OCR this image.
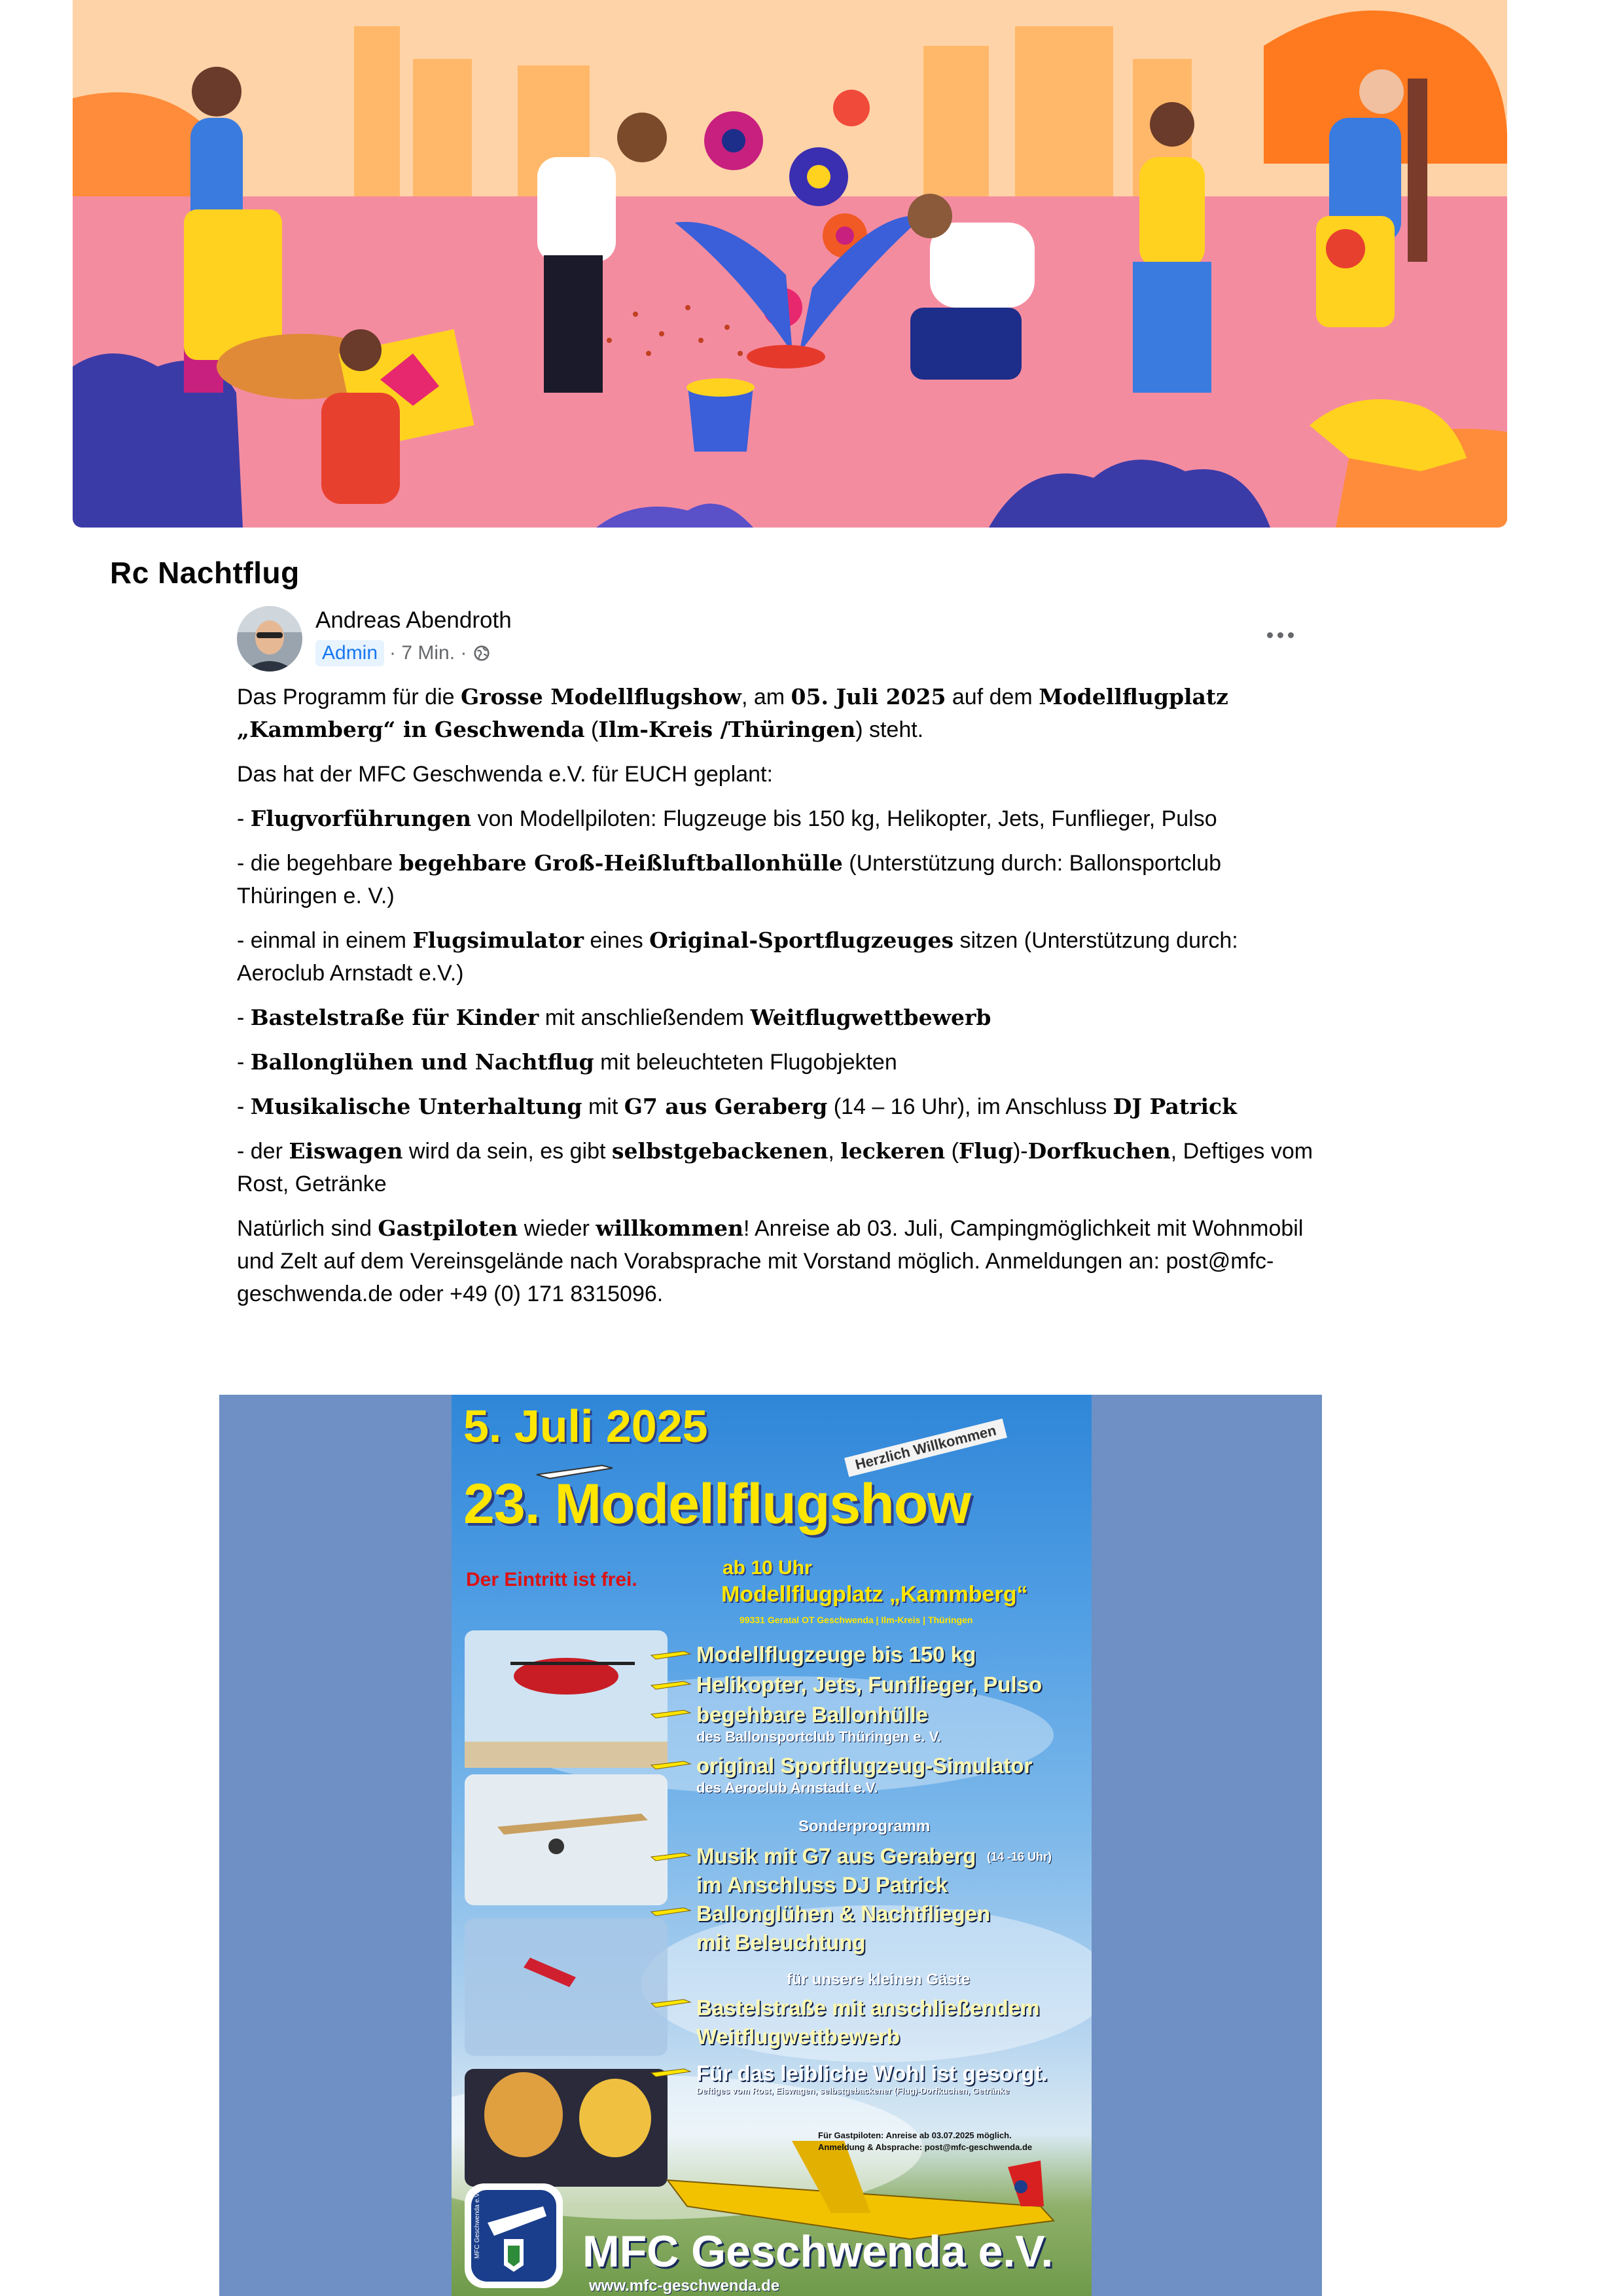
Rc Nachtflug
Andreas Abendroth
Admin · 7 Min. ·

Das Programm für die Grosse Modellflugshow, am 05. Juli 2025 auf dem Modellflugplatz „Kammberg“ in Geschwenda (Ilm-Kreis /Thüringen) steht.

Das hat der MFC Geschwenda e.V. für EUCH geplant:

- Flugvorführungen von Modellpiloten: Flugzeuge bis 150 kg, Helikopter, Jets, Funflieger, Pulso

- die begehbare begehbare Groß-Heißluftballonhülle (Unterstützung durch: Ballonsportclub Thüringen e. V.)

- einmal in einem Flugsimulator eines Original-Sportflugzeuges sitzen (Unterstützung durch: Aeroclub Arnstadt e.V.)

- Bastelstraße für Kinder mit anschließendem Weitflugwettbewerb

- Ballonglühen und Nachtflug mit beleuchteten Flugobjekten

- Musikalische Unterhaltung mit G7 aus Geraberg (14 – 16 Uhr), im Anschluss DJ Patrick

- der Eiswagen wird da sein, es gibt selbstgebackenen, leckeren (Flug)-Dorfkuchen, Deftiges vom Rost, Getränke

Natürlich sind Gastpiloten wieder willkommen! Anreise ab 03. Juli, Campingmöglichkeit mit Wohnmobil und Zelt auf dem Vereinsgelände nach Vorabsprache mit Vorstand möglich. Anmeldungen an: post@mfc-geschwenda.de oder +49 (0) 171 8315096.

5. Juli 2025
23. Modellflugshow
Herzlich Willkommen
Der Eintritt ist frei.
ab 10 Uhr
Modellflugplatz „Kammberg“
99331 Geratal OT Geschwenda | Ilm-Kreis | Thüringen
Modellflugzeuge bis 150 kg
Helikopter, Jets, Funflieger, Pulso
begehbare Ballonhülle
des Ballonsportclub Thüringen e. V.
original Sportflugzeug-Simulator
des Aeroclub Arnstadt e.V.
Sonderprogramm
Musik mit G7 aus Geraberg (14 -16 Uhr)
im Anschluss DJ Patrick
Ballonglühen & Nachtfliegen
mit Beleuchtung
für unsere kleinen Gäste
Bastelstraße mit anschließendem
Weitflugwettbewerb
Für das leibliche Wohl ist gesorgt.
Deftiges vom Rost, Eiswagen, selbstgebackener (Flug)-Dorfkuchen, Getränke
Für Gastpiloten: Anreise ab 03.07.2025 möglich.
Anmeldung & Absprache: post@mfc-geschwenda.de
MFC Geschwenda e.V.
www.mfc-geschwenda.de
MFC Geschwenda e.V.
